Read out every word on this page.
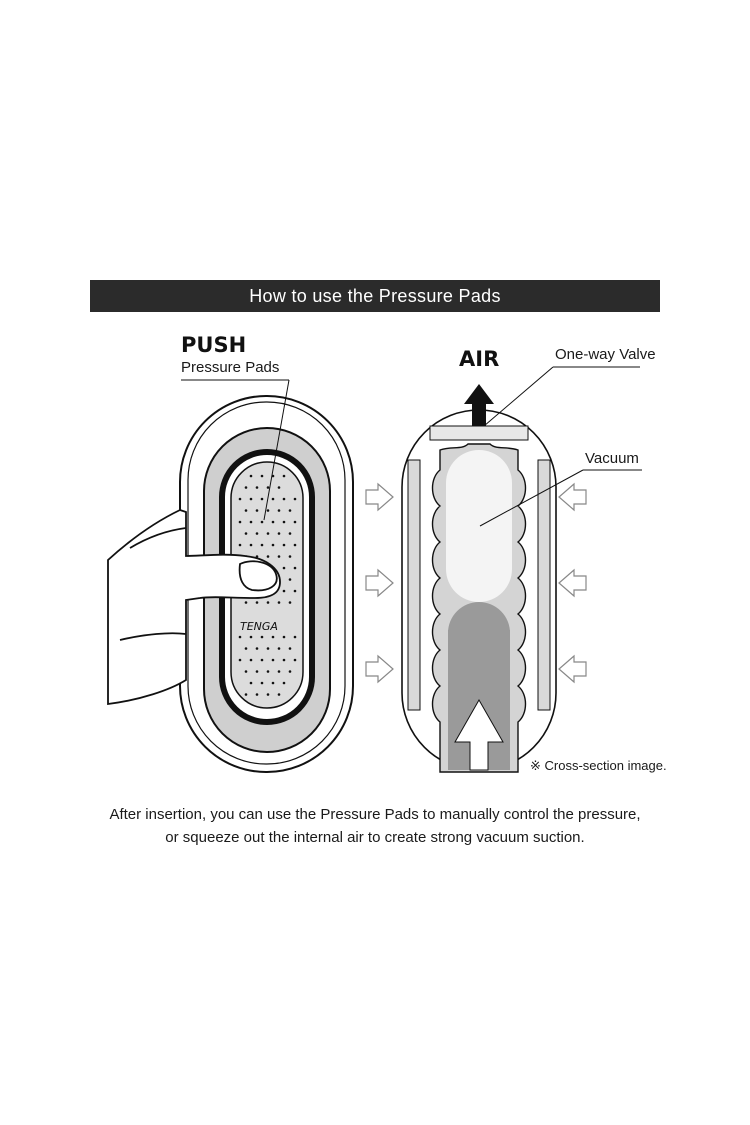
How to use the Pressure Pads
TENGA
PUSH
Pressure Pads	AIR	One-way Valve
Vacuum
※ Cross-section image.
After insertion, you can use the Pressure Pads to manually control the pressure,
or squeeze out the internal air to create strong vacuum suction.
